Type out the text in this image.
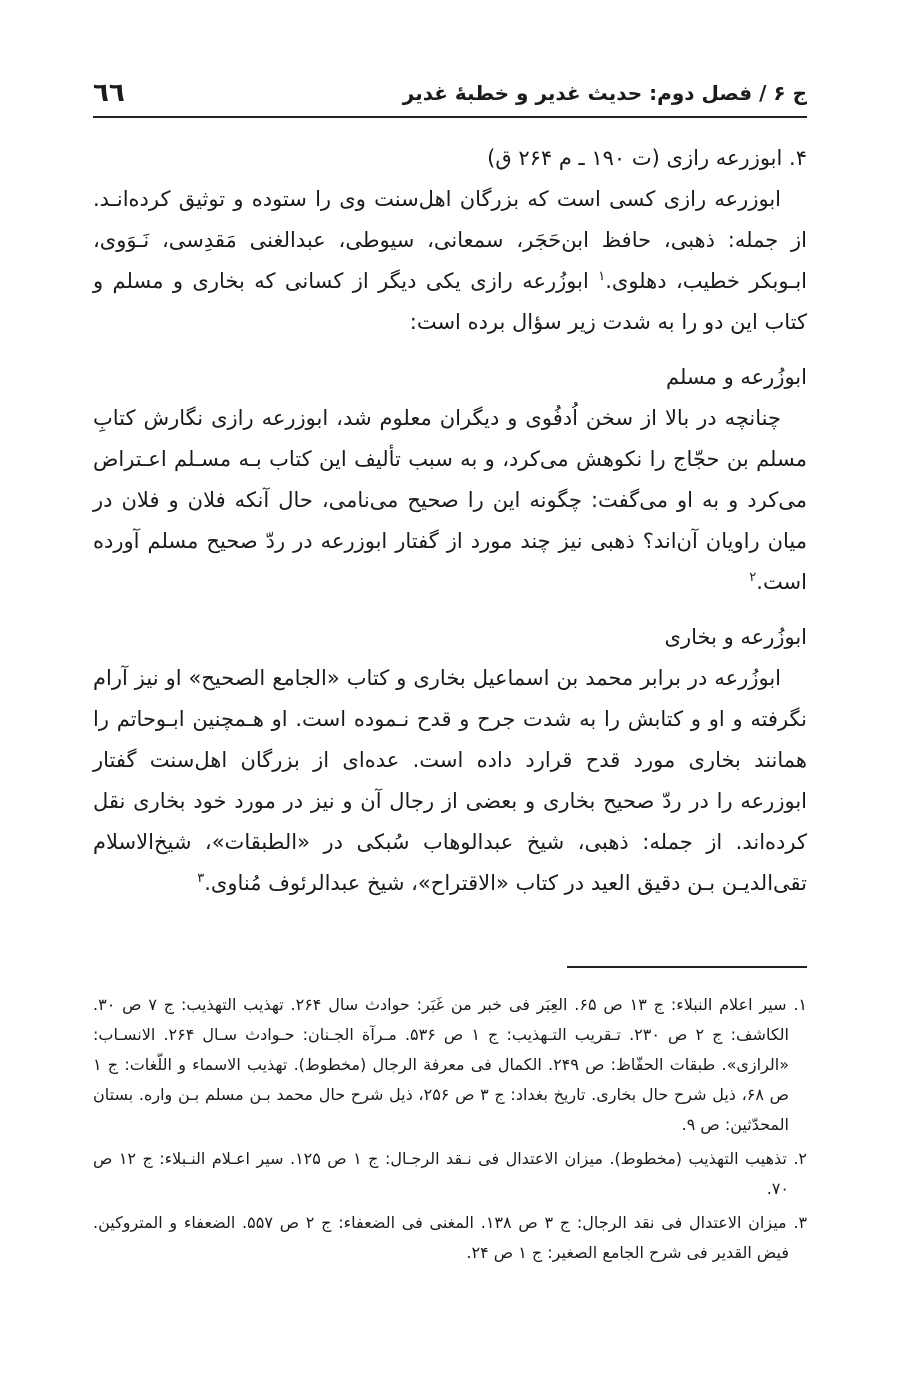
ج ۶ / فصل دوم: حديث غدير و خطبهٔ غدير
٦٦

۴. ابوزرعه رازی (ت ۱۹۰ ـ م ۲۶۴ ق)

ابوزرعه رازی کسی است که بزرگان اهل‌سنت وی را ستوده و توثیق کرده‌انـد. از جمله: ذهبی، حافظ ابن‌حَجَر، سمعانی، سیوطی، عبدالغنی مَقدِسی، نَـوَوی، ابـوبکر خطیب، دهلوی.$^١$ ابوزُرعه رازی یکی دیگر از کسانی که بخاری و مسلم و کتاب این دو را به شدت زیر سؤال برده است:

ابوزُرعه و مسلم

چنانچه در بالا از سخن اُدفُوی و دیگران معلوم شد، ابوزرعه رازی نگارش کتابِ مسلم بن حجّاج را نکوهش می‌کرد، و به سبب تألیف این کتاب بـه مسـلم اعـتراض می‌کرد و به او می‌گفت: چگونه این را صحیح می‌نامی، حال آنکه فلان و فلان در میان راویان آن‌اند؟ ذهبی نیز چند مورد از گفتار ابوزرعه در ردّ صحیح مسلم آورده است.$^٢$

ابوزُرعه و بخاری

ابوزُرعه در برابر محمد بن اسماعیل بخاری و کتاب «الجامع الصحیح» او نیز آرام نگرفته و او و کتابش را به شدت جرح و قدح نـموده است. او هـمچنین ابـوحاتم را همانند بخاری مورد قدح قرارد داده است. عده‌ای از بزرگان اهل‌سنت گفتار ابوزرعه را در ردّ صحیح بخاری و بعضی از رجال آن و نیز در مورد خود بخاری نقل کرده‌اند. از جمله: ذهبی، شیخ عبدالوهاب سُبکی در «الطبقات»، شیخ‌الاسلام تقی‌الدیـن بـن دقیق العید در کتاب «الاقتراح»، شیخ عبدالرئوف مُناوی.$^٣$

١. سیر اعلام النبلاء: ج ١٣ ص ۶۵. العِبَر فی خبر من غَبَر: حوادث سال ٢۶۴. تهذیب التهذیب: ج ٧ ص ٣٠. الکاشف: ج ٢ ص ٢٣٠. تـقریب التـهذیب: ج ١ ص ۵٣۶. مـرآة الجـنان: حـوادث سـال ٢۶۴. الانسـاب: «الرازی». طبقات الحفّاظ: ص ٢۴٩. الکمال فی معرفة الرجال (مخطوط). تهذیب الاسماء و اللّغات: ج ١ ص ۶٨، ذیل شرح حال بخاری. تاریخ بغداد: ج ٣ ص ٢۵۶، ذیل شرح حال محمد بـن مسلم بـن واره. بستان المحدّثین: ص ٩.

٢. تذهیب التهذیب (مخطوط). میزان الاعتدال فی نـقد الرجـال: ج ١ ص ١٢۵. سیر اعـلام النـبلاء: ج ١٢ ص ٧٠.

٣. میزان الاعتدال فی نقد الرجال: ج ٣ ص ١٣٨. المغنی فی الضعفاء: ج ٢ ص ۵۵٧. الضعفاء و المتروکین. فیض القدیر فی شرح الجامع الصغیر: ج ١ ص ٢۴.
